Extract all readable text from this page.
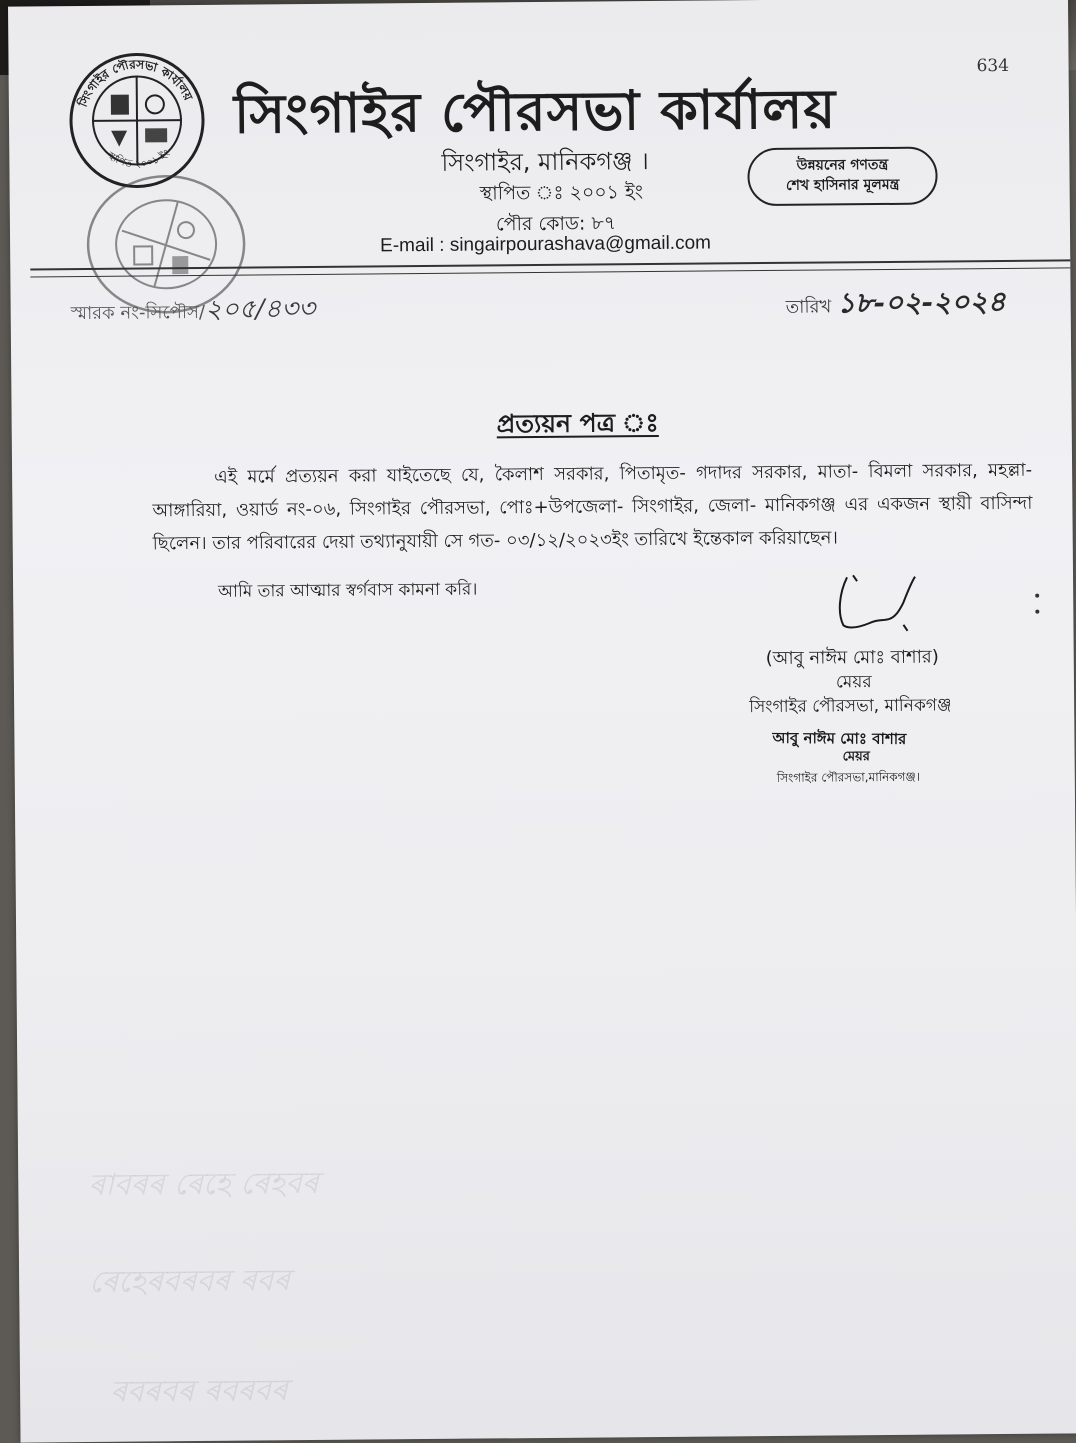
634
সিংগাইর পৌরসভা কার্যালয়
স্থাপিত ২০০১ ইং
সিংগাইর পৌরসভা কার্যালয়
সিংগাইর, মানিকগঞ্জ ।
স্থাপিত ঃ ২০০১ ইং
পৌর কোড: ৮৭
E-mail : singairpourashava@gmail.com
উন্নয়নের গণতন্ত্র
শেখ হাসিনার মূলমন্ত্র
স্মারক নং-সিপৌস/২০৫/৪৩৩	তারিখ ১৮-০২-২০২৪
প্রত্যয়ন পত্র ঃ
এই মর্মে প্রত্যয়ন করা যাইতেছে যে, কৈলাশ সরকার, পিতামৃত- গদাদর সরকার, মাতা- বিমলা সরকার, মহল্লা- আঙ্গারিয়া, ওয়ার্ড নং-০৬, সিংগাইর পৌরসভা, পোঃ+উপজেলা- সিংগাইর, জেলা- মানিকগঞ্জ এর একজন স্থায়ী বাসিন্দা ছিলেন। তার পরিবারের দেয়া তথ্যানুযায়ী সে গত- ০৩/১২/২০২৩ইং তারিখে ইন্তেকাল করিয়াছেন।
আমি তার আত্মার স্বর্গবাস কামনা করি।
(আবু নাঈম মোঃ বাশার)
মেয়র
সিংগাইর পৌরসভা, মানিকগঞ্জ
আবু নাঈম মোঃ বাশার
মেয়র
সিংগাইর পৌরসভা,মানিকগঞ্জ।
ৰাবৰৰ ৰেহে ৰেহবৰ
ৰেহেৰবৰবৰ ৰবৰ
ৰবৰবৰ ৰবৰবৰ
